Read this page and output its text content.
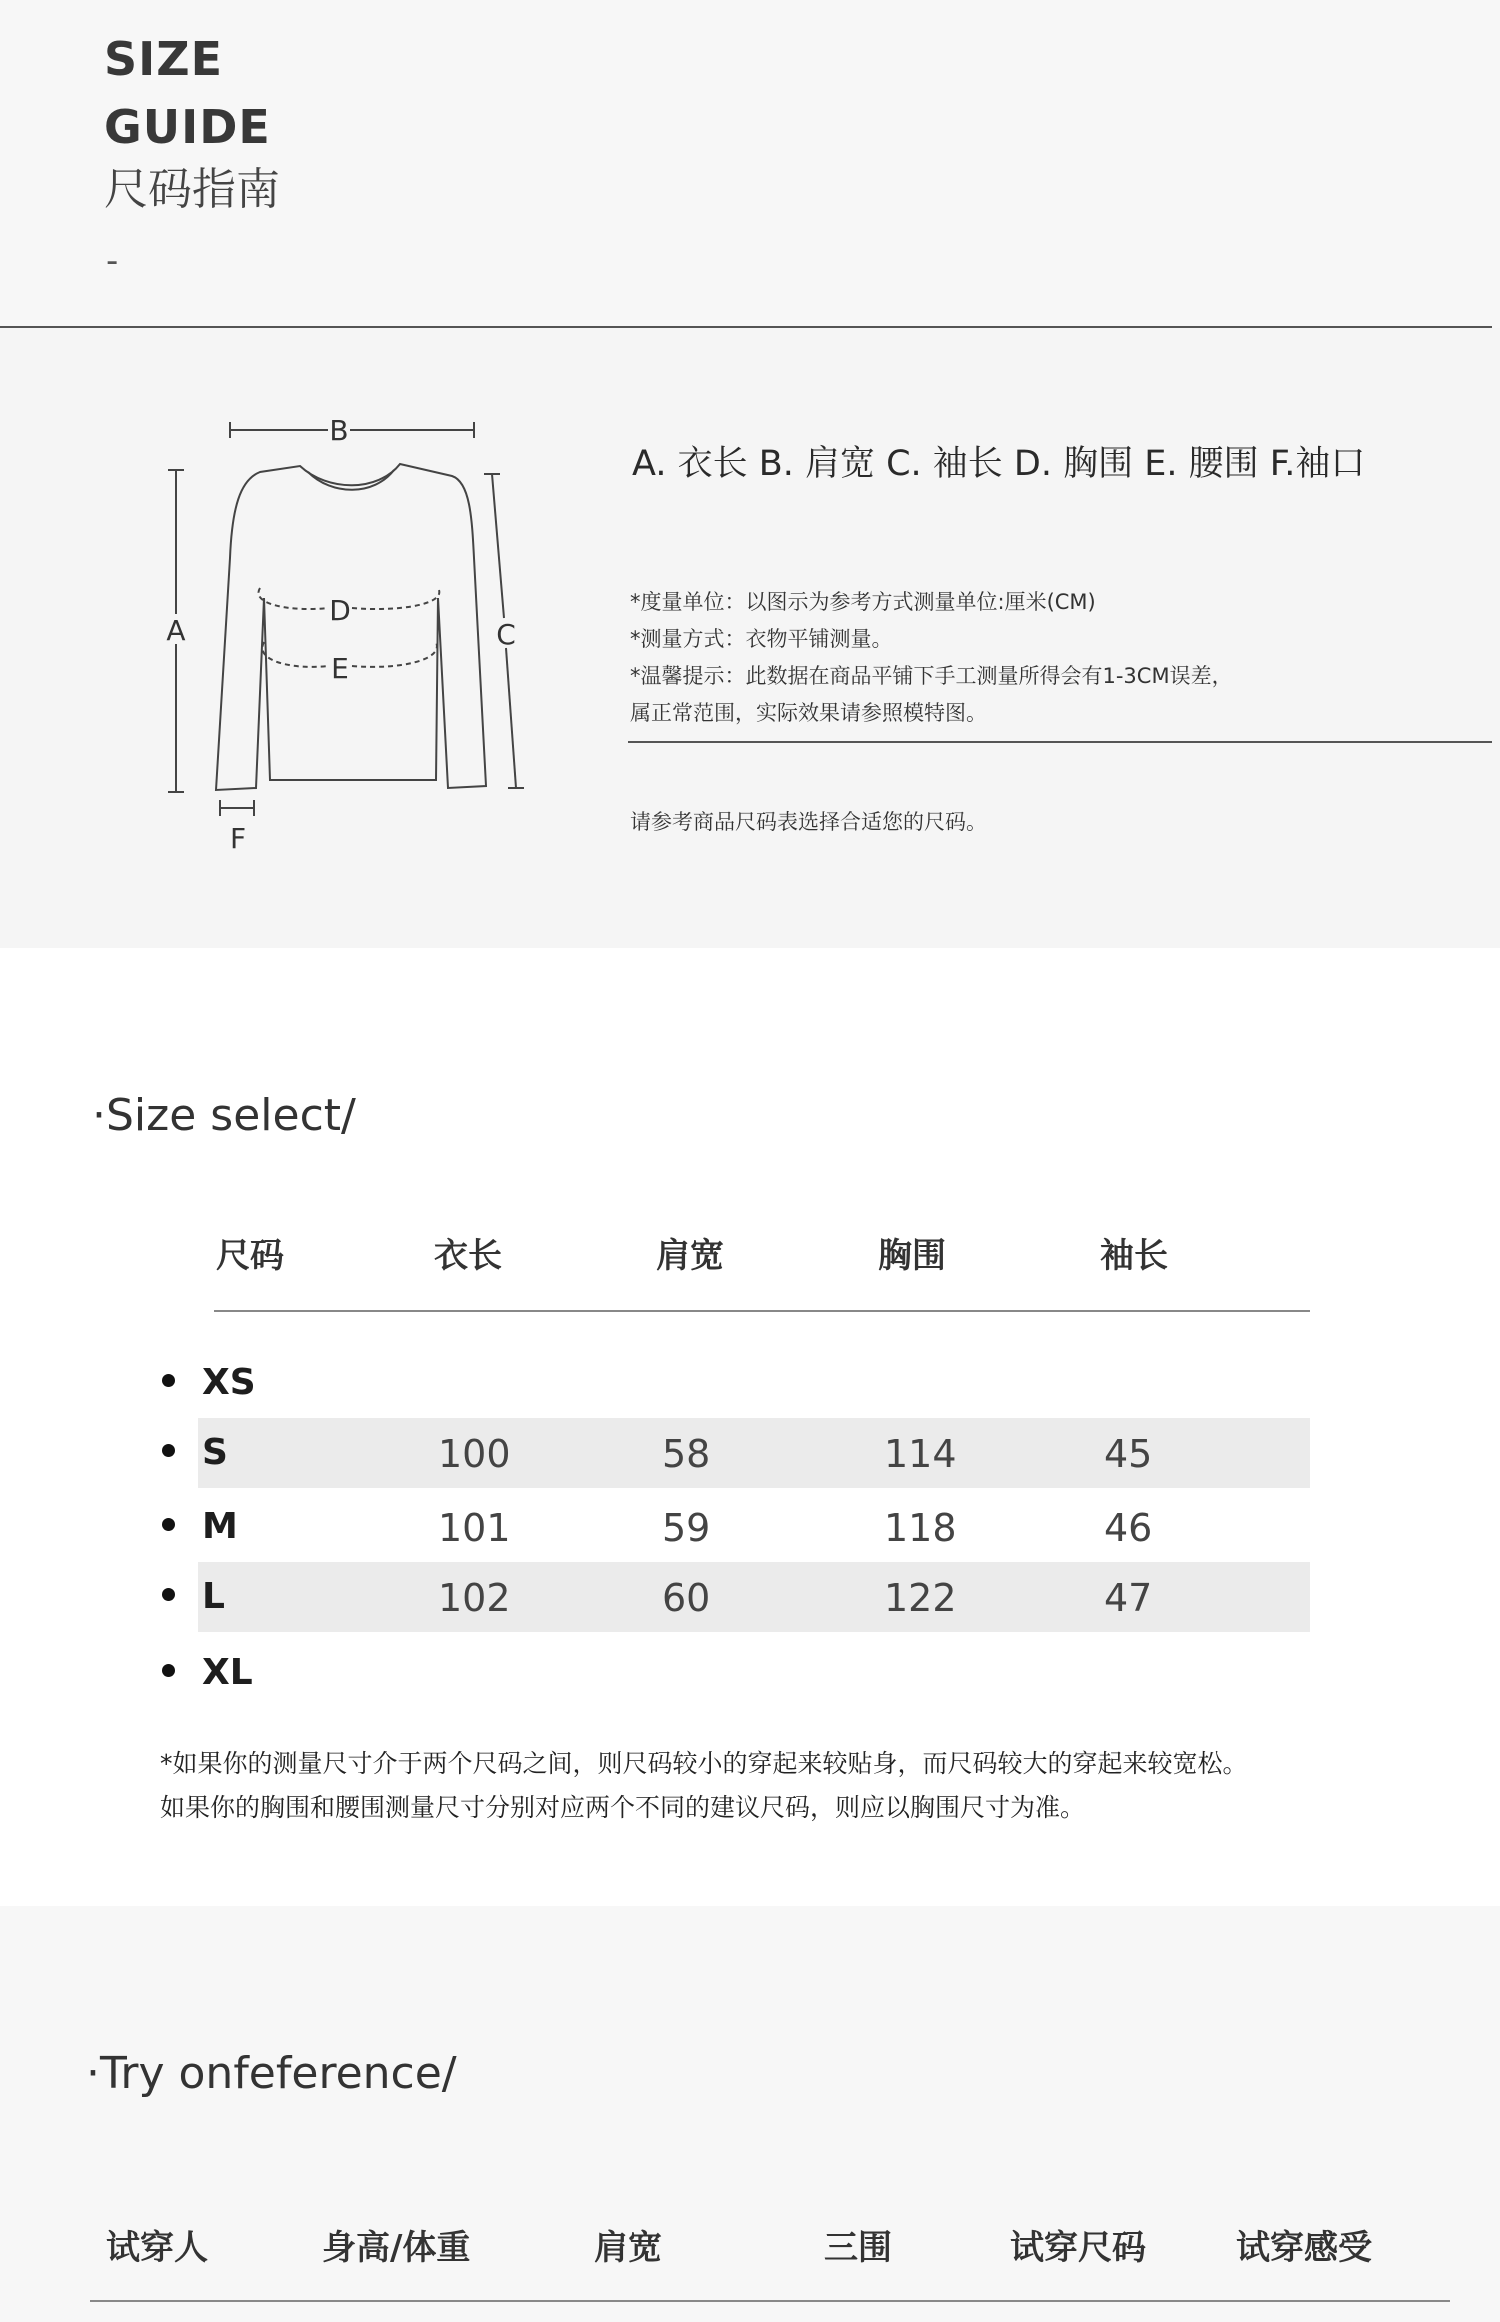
SIZE
GUIDE
尺码指南
-
B
A	C
D
E
F
A. 衣长 B. 肩宽 C. 袖长 D. 胸围 E. 腰围 F.袖口

*度量单位：以图示为参考方式测量单位:厘米(CM)

*测量方式：衣物平铺测量。

*温馨提示：此数据在商品平铺下手工测量所得会有1-3CM误差，

属正常范围，实际效果请参照模特图。

请参考商品尺码表选择合适您的尺码。
·Size select/
尺码	衣长	肩宽	胸围	袖长
XS
S	100	58	114	45
M	101	59	118	46
L	102	60	122	47
XL

*如果你的测量尺寸介于两个尺码之间，则尺码较小的穿起来较贴身，而尺码较大的穿起来较宽松。

如果你的胸围和腰围测量尺寸分别对应两个不同的建议尺码，则应以胸围尺寸为准。

·Try onfeference/
试穿人	身高/体重	肩宽	三围	试穿尺码	试穿感受
